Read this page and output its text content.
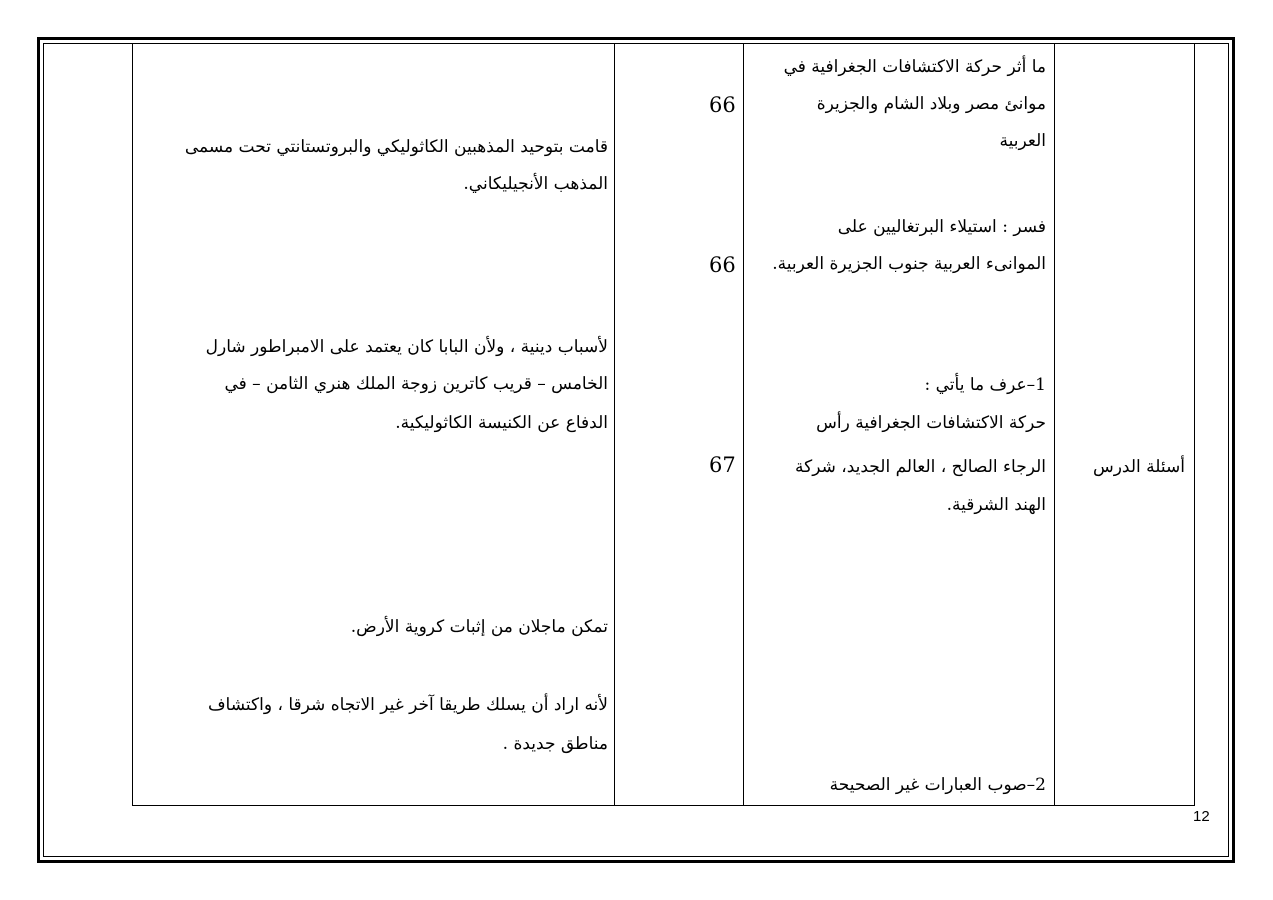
أسئلة الدرس
ما أثر حركة الاكتشافات الجغرافية في
موانئ مصر وبلاد الشام والجزيرة
العربية
فسر : استيلاء البرتغاليين على
الموانىء العربية جنوب الجزيرة العربية.
1–عرف ما يأتي :
حركة الاكتشافات الجغرافية رأس
الرجاء الصالح ، العالم الجديد، شركة
الهند الشرقية.
2–صوب العبارات غير الصحيحة
66
66
67
قامت بتوحيد المذهبين الكاثوليكي والبروتستانتي تحت مسمى
المذهب الأنجيليكاني.
لأسباب دينية ، ولأن البابا كان يعتمد على الامبراطور شارل
الخامس – قريب كاترين زوجة الملك هنري الثامن – في
الدفاع عن الكنيسة الكاثوليكية.
تمكن ماجلان من إثبات كروية الأرض.
لأنه اراد أن يسلك طريقا آخر غير الاتجاه شرقا ، واكتشاف
مناطق جديدة .
12
